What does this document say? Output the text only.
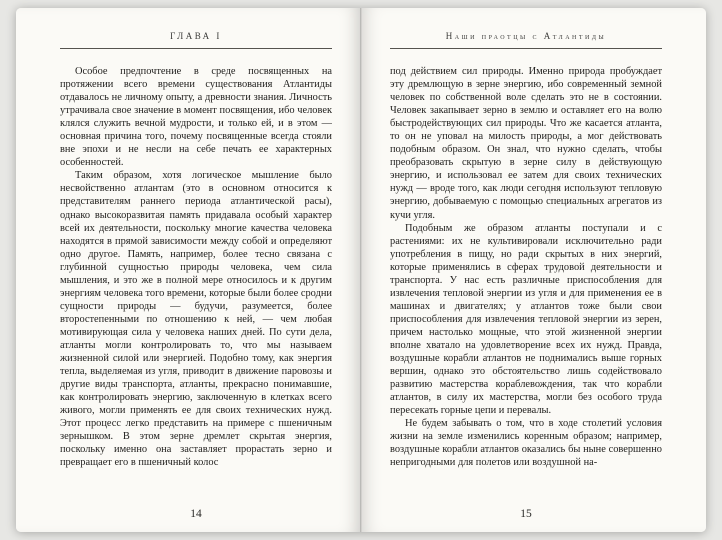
ГЛАВА I

Особое предпочтение в среде посвященных на протяжении всего времени существования Атлантиды отдавалось не личному опыту, а древности знания. Личность утрачивала свое значение в момент посвящения, ибо человек клялся служить вечной мудрости, и только ей, и в этом — основная причина того, почему посвященные всегда стояли вне эпохи и не несли на себе печать ее характерных особенностей.

Таким образом, хотя логическое мышление было несвойственно атлантам (это в основном относится к представителям раннего периода атлантической расы), однако высокоразвитая память придавала особый характер всей их деятельности, поскольку многие качества человека находятся в прямой зависимости между собой и определяют одно другое. Память, например, более тесно связана с глубинной сущностью природы человека, чем сила мышления, и это же в полной мере относилось и к другим энергиям человека того времени, которые были более сродни сущности природы — будучи, разумеется, более второстепенными по отношению к ней, — чем любая мотивирующая сила у человека наших дней. По сути дела, атланты могли контролировать то, что мы называем жизненной силой или энергией. Подобно тому, как энергия тепла, выделяемая из угля, приводит в движение паровозы и другие виды транспорта, атланты, прекрасно понимавшие, как контролировать энергию, заключенную в клетках всего живого, могли применять ее для своих технических нужд. Этот процесс легко представить на примере с пшеничным зернышком. В этом зерне дремлет скрытая энергия, поскольку именно она заставляет прорастать зерно и превращает его в пшеничный колос

14
Наши праотцы с Атлантиды

под действием сил природы. Именно природа пробуждает эту дремлющую в зерне энергию, ибо современный земной человек по собственной воле сделать это не в состоянии. Человек закапывает зерно в землю и оставляет его на волю быстродействующих сил природы. Что же касается атланта, то он не уповал на милость природы, а мог действовать подобным образом. Он знал, что нужно сделать, чтобы преобразовать скрытую в зерне силу в действующую энергию, и использовал ее затем для своих технических нужд — вроде того, как люди сегодня используют тепловую энергию, добываемую с помощью специальных агрегатов из кучи угля.

Подобным же образом атланты поступали и с растениями: их не культивировали исключительно ради употребления в пищу, но ради скрытых в них энергий, которые применялись в сферах трудовой деятельности и транспорта. У нас есть различные приспособления для извлечения тепловой энергии из угля и для применения ее в машинах и двигателях; у атлантов тоже были свои приспособления для извлечения тепловой энергии из зерен, причем настолько мощные, что этой жизненной энергии вполне хватало на удовлетворение всех их нужд. Правда, воздушные корабли атлантов не поднимались выше горных вершин, однако это обстоятельство лишь содействовало развитию мастерства кораблевождения, так что корабли атлантов, в силу их мастерства, могли без особого труда пересекать горные цепи и перевалы.

Не будем забывать о том, что в ходе столетий условия жизни на земле изменились коренным образом; например, воздушные корабли атлантов оказались бы ныне совершенно непригодными для полетов или воздушной на-

15
